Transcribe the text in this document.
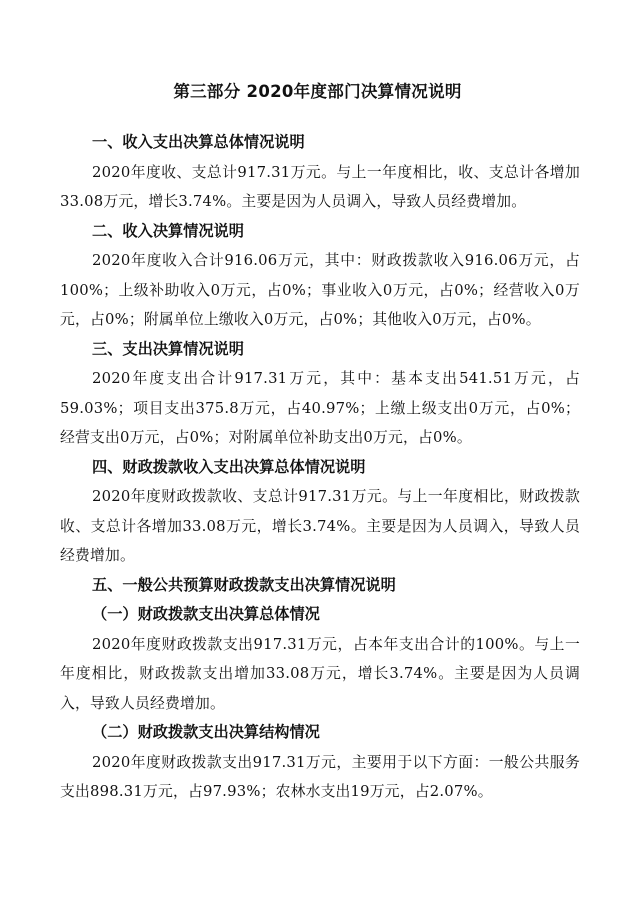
第三部分 2020年度部门决算情况说明
一、收入支出决算总体情况说明
2020年度收、支总计917.31万元。与上一年度相比，收、支总计各增加33.08万元，增长3.74%。主要是因为人员调入，导致人员经费增加。
二、收入决算情况说明
2020年度收入合计916.06万元，其中：财政拨款收入916.06万元，占100%；上级补助收入0万元，占0%；事业收入0万元，占0%；经营收入0万元，占0%；附属单位上缴收入0万元，占0%；其他收入0万元，占0%。
三、支出决算情况说明
2020年度支出合计917.31万元，其中：基本支出541.51万元，占59.03%；项目支出375.8万元，占40.97%；上缴上级支出0万元，占0%；经营支出0万元，占0%；对附属单位补助支出0万元，占0%。
四、财政拨款收入支出决算总体情况说明
2020年度财政拨款收、支总计917.31万元。与上一年度相比，财政拨款收、支总计各增加33.08万元，增长3.74%。主要是因为人员调入，导致人员经费增加。
五、一般公共预算财政拨款支出决算情况说明
（一）财政拨款支出决算总体情况
2020年度财政拨款支出917.31万元，占本年支出合计的100%。与上一年度相比，财政拨款支出增加33.08万元，增长3.74%。主要是因为人员调入，导致人员经费增加。
（二）财政拨款支出决算结构情况
2020年度财政拨款支出917.31万元，主要用于以下方面：一般公共服务支出898.31万元，占97.93%；农林水支出19万元，占2.07%。
